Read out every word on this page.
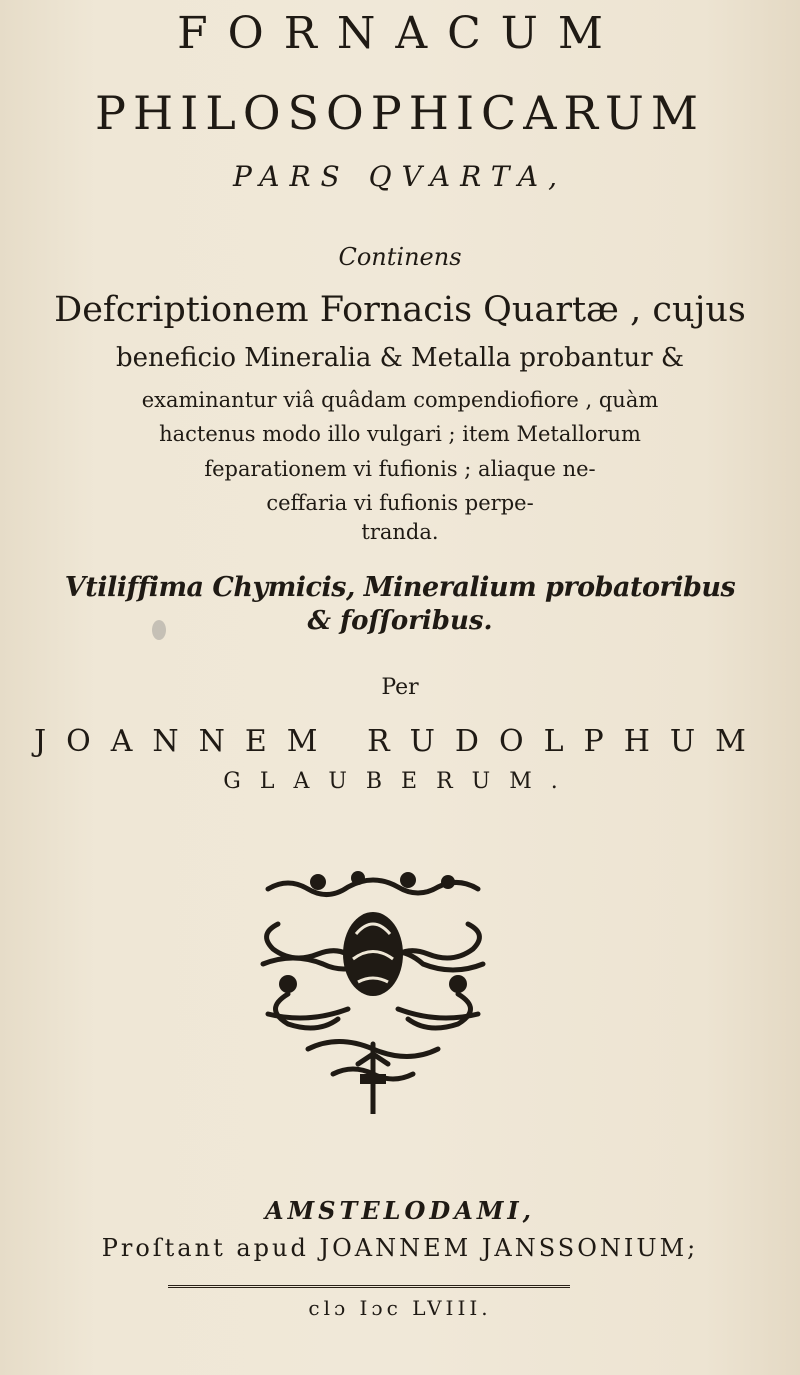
FORNACUM
PHILOSOPHICARUM
PARS QVARTA,
Continens
Defcriptionem Fornacis Quartæ , cujus
beneficio Mineralia & Metalla probantur &
examinantur viâ quâdam compendiofiore , quàm
hactenus modo illo vulgari ; item Metallorum
feparationem vi fufionis ; aliaque ne-
ceffaria vi fufionis perpe-
tranda.
Vtiliffima Chymicis, Mineralium probatoribus
& foſſoribus.
Per
JOANNEM RUDOLPHUM
GLAUBERUM.
AMSTELODAMI,
Proſtant apud JOANNEM JANSSONIUM;
clɔ Iɔc LVIII.
